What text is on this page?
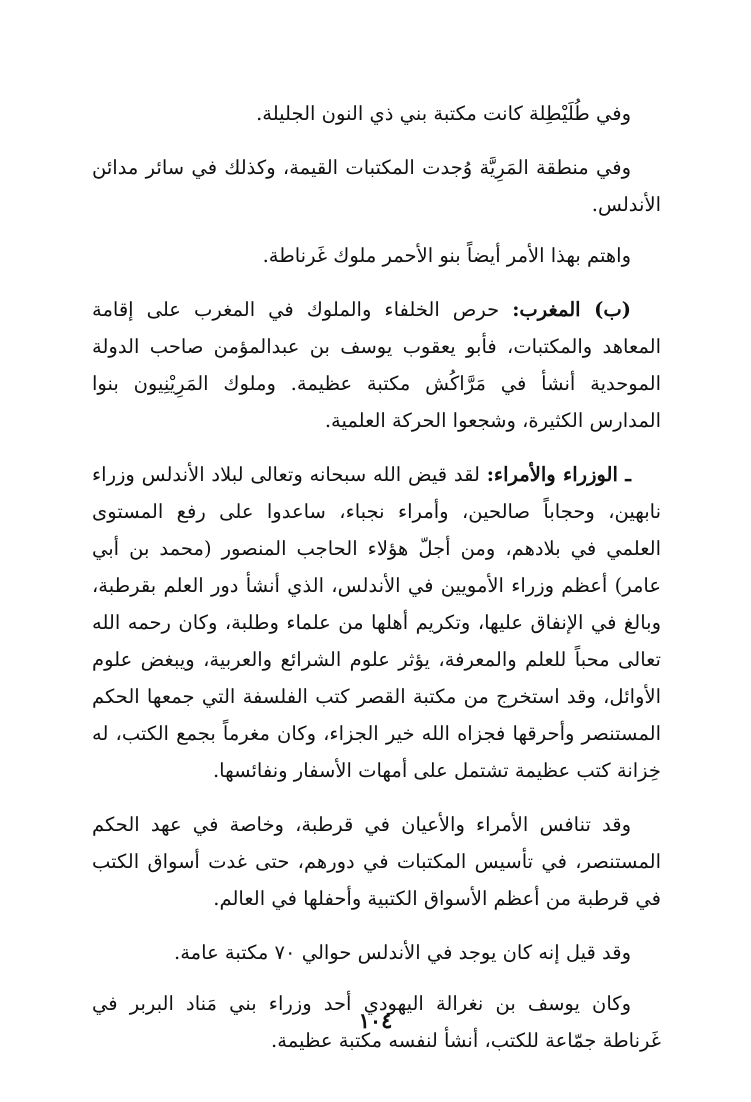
وفي طُلَيْطِلة كانت مكتبة بني ذي النون الجليلة.

وفي منطقة المَرِيَّة وُجدت المكتبات القيمة، وكذلك في سائر مدائن الأندلس.

واهتم بهذا الأمر أيضاً بنو الأحمر ملوك غَرناطة.

(ب) المغرب: حرص الخلفاء والملوك في المغرب على إقامة المعاهد والمكتبات، فأبو يعقوب يوسف بن عبدالمؤمن صاحب الدولة الموحدية أنشأ في مَرَّاكُش مكتبة عظيمة. وملوك المَرِيْنِيون بنوا المدارس الكثيرة، وشجعوا الحركة العلمية.

ـ الوزراء والأمراء: لقد قيض الله سبحانه وتعالى لبلاد الأندلس وزراء نابهين، وحجاباً صالحين، وأمراء نجباء، ساعدوا على رفع المستوى العلمي في بلادهم، ومن أجلّ هؤلاء الحاجب المنصور (محمد بن أبي عامر) أعظم وزراء الأمويين في الأندلس، الذي أنشأ دور العلم بقرطبة، وبالغ في الإنفاق عليها، وتكريم أهلها من علماء وطلبة، وكان رحمه الله تعالى محباً للعلم والمعرفة، يؤثر علوم الشرائع والعربية، ويبغض علوم الأوائل، وقد استخرج من مكتبة القصر كتب الفلسفة التي جمعها الحكم المستنصر وأحرقها فجزاه الله خير الجزاء، وكان مغرماً بجمع الكتب، له خِزانة كتب عظيمة تشتمل على أمهات الأسفار ونفائسها.

وقد تنافس الأمراء والأعيان في قرطبة، وخاصة في عهد الحكم المستنصر، في تأسيس المكتبات في دورهم، حتى غدت أسواق الكتب في قرطبة من أعظم الأسواق الكتبية وأحفلها في العالم.

وقد قيل إنه كان يوجد في الأندلس حوالي ٧٠ مكتبة عامة.

وكان يوسف بن نغرالة اليهودي أحد وزراء بني مَناد البربر في غَرناطة جمّاعة للكتب، أنشأ لنفسه مكتبة عظيمة.

١٠٤
